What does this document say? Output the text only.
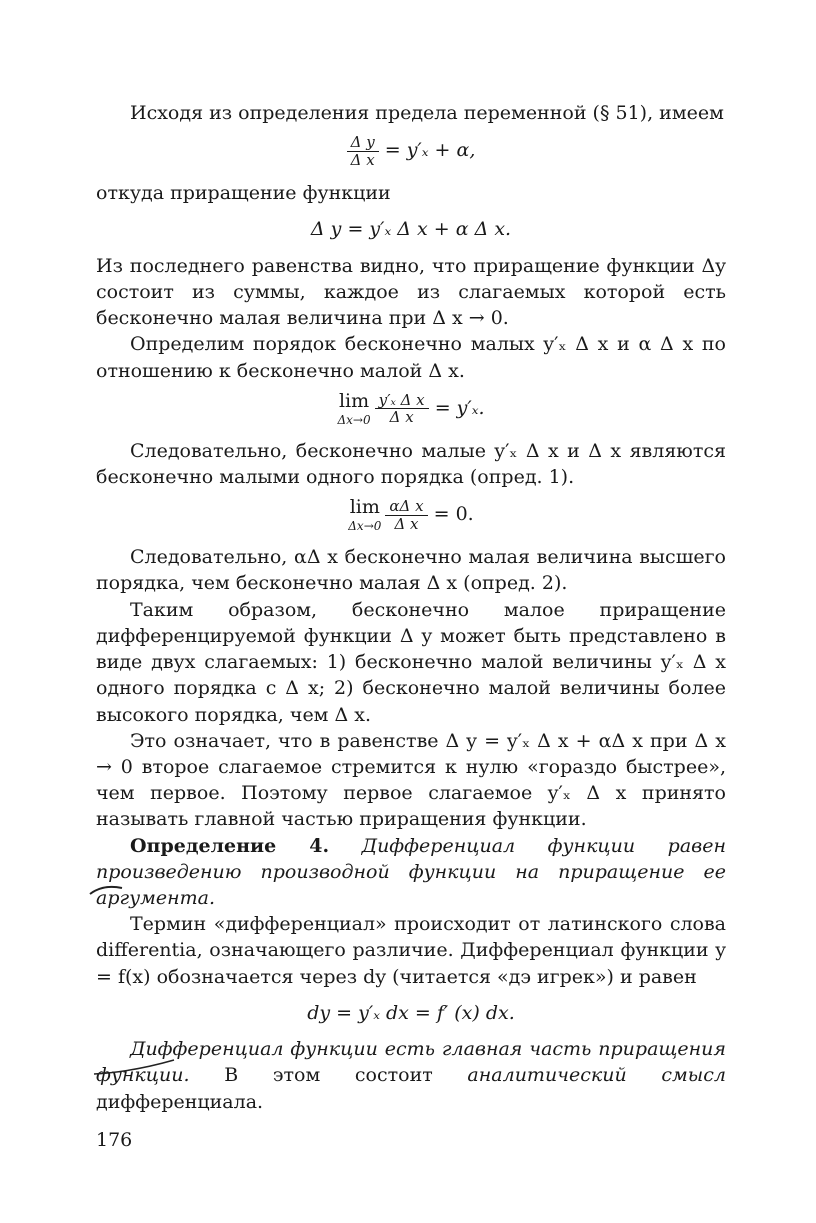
Исходя из определения предела переменной (§ 51), имеем

$\frac{\text{Δ y}}{\text{Δ x}} = y'_x + \alpha$,

откуда приращение функции

Δ y = y′ₓ Δ x + α Δ x.

Из последнего равенства видно, что приращение функции Δy состоит из суммы, каждое из слагаемых которой есть бесконечно малая величина при Δ x → 0.

Определим порядок бесконечно малых y′ₓ Δ x и α Δ x по отношению к бесконечно малой Δ x.

lim
$\Delta x\to 0 \frac{\text{y′ₓ Δ x}}{\text{Δ x}} = y'_x$.

Следовательно, бесконечно малые y′ₓ Δ x и Δ x являются бесконечно малыми одного порядка (опред. 1).

lim
$\Delta x\to 0 \frac{\text{αΔ x}}{\text{Δ x}} = 0$.

Следовательно, αΔ x бесконечно малая величина высшего порядка, чем бесконечно малая Δ x (опред. 2).

Таким образом, бесконечно малое приращение дифференцируемой функции Δ y может быть представлено в виде двух слагаемых: 1) бесконечно малой величины y′ₓ Δ x одного порядка с Δ x; 2) бесконечно малой величины более высокого порядка, чем Δ x.

Это означает, что в равенстве Δ y = y′ₓ Δ x + αΔ x при Δ x → 0 второе слагаемое стремится к нулю «гораздо быстрее», чем первое. Поэтому первое слагаемое y′ₓ Δ x принято называть главной частью приращения функции.

Определение 4. Дифференциал функции равен произведению производной функции на приращение ее аргумента.

Термин «дифференциал» происходит от латинского слова differentia, означающего различие. Дифференциал функции y = f(x) обозначается через dy (читается «дэ игрек») и равен

dy = y′ₓ dx = f′ (x) dx.

Дифференциал функции есть главная часть приращения функции. В этом состоит аналитический смысл дифференциала.

176
